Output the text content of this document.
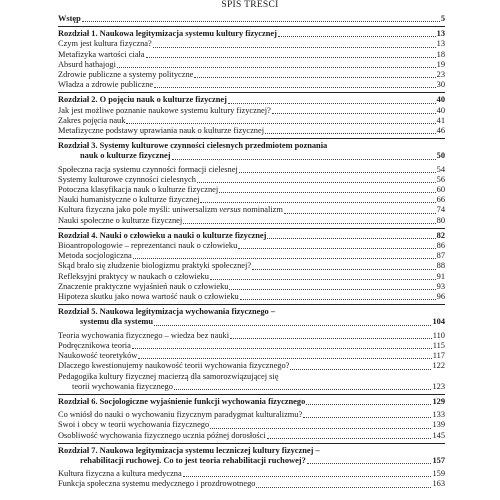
SPIS TREŚCI
Wstęp	5
Rozdział 1. Naukowa legitymizacja systemu kultury fizycznej	13
Czym jest kultura fizyczna?	13
Metafizyka wartości ciała	18
Absurd hathajogi	19
Zdrowie publiczne a systemy polityczne	23
Władza a zdrowie publiczne	30
Rozdział 2. O pojęciu nauk o kulturze fizycznej	40
Jak jest możliwe poznanie naukowe systemu kultury fizycznej?	40
Zakres pojęcia nauk	41
Metafizyczne podstawy uprawiania nauk o kulturze fizycznej	46
Rozdział 3. Systemy kulturowe czynności cielesnych przedmiotem poznania
nauk o kulturze fizycznej	50
Społeczna racja systemu czynności formacji cielesnej	54
Systemy kulturowe czynności cielesnych	56
Potoczna klasyfikacja nauk o kulturze fizycznej	60
Nauki humanistyczne o kulturze fizycznej	66
Kultura fizyczna jako pole myśli: uniwersalizm versus nominalizm	74
Nauki społeczne o kulturze fizycznej	80
Rozdział 4. Nauki o człowieku a nauki o kulturze fizycznej	82
Bioantropologowie – reprezentanci nauk o człowieku	86
Metoda socjologiczna	87
Skąd brało się złudzenie biologizmu praktyki społecznej?	88
Refleksyjni praktycy w naukach o człowieku	91
Znaczenie praktyczne wyjaśnień nauk o człowieku	93
Hipoteza skutku jako nowa wartość nauk o człowieku	96
Rozdział 5. Naukowa legitymizacja wychowania fizycznego –
systemu dla systemu	104
Teoria wychowania fizycznego – wiedza bez nauki	110
Podręcznikowa teoria	115
Naukowość teoretyków	117
Dlaczego kwestionujemy naukowość teorii wychowania fizycznego?	122
Pedagogika kultury fizycznej macierzą dla samorozwiązującej się
teorii wychowania fizycznego	123
Rozdział 6. Socjologiczne wyjaśnienie funkcji wychowania fizycznego	129
Co wniósł do nauki o wychowaniu fizycznym paradygmat kulturalizmu?	133
Swoi i obcy w teorii wychowania fizycznego	139
Osobliwość wychowania fizycznego ucznia późnej dorosłości	145
Rozdział 7. Naukowa legitymizacja systemu leczniczej kultury fizycznej –
rehabilitacji ruchowej. Co to jest teoria rehabilitacji ruchowej?	157
Kultura fizyczna a kultura medyczna	159
Funkcja społeczna systemu medycznego i prozdrowotnego	163
